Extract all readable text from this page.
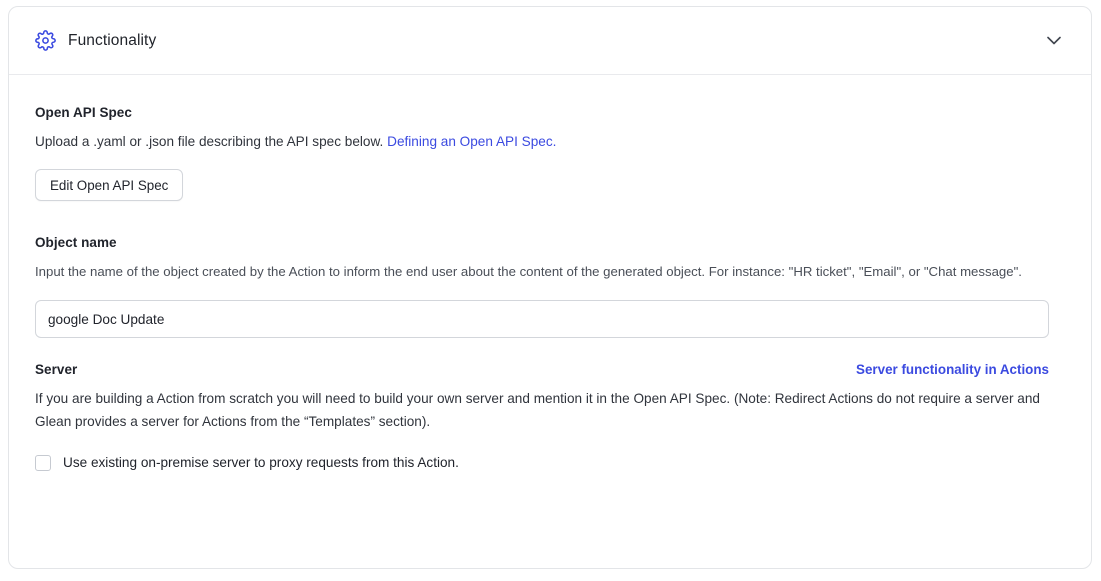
Functionality
Open API Spec

Upload a .yaml or .json file describing the API spec below. Defining an Open API Spec.

Edit Open API Spec
Object name

Input the name of the object created by the Action to inform the end user about the content of the generated object. For instance: "HR ticket", "Email", or "Chat message".

google Doc Update
Server	Server functionality in Actions

If you are building a Action from scratch you will need to build your own server and mention it in the Open API Spec. (Note: Redirect Actions do not require a server and Glean provides a server for Actions from the “Templates” section).

Use existing on-premise server to proxy requests from this Action.
